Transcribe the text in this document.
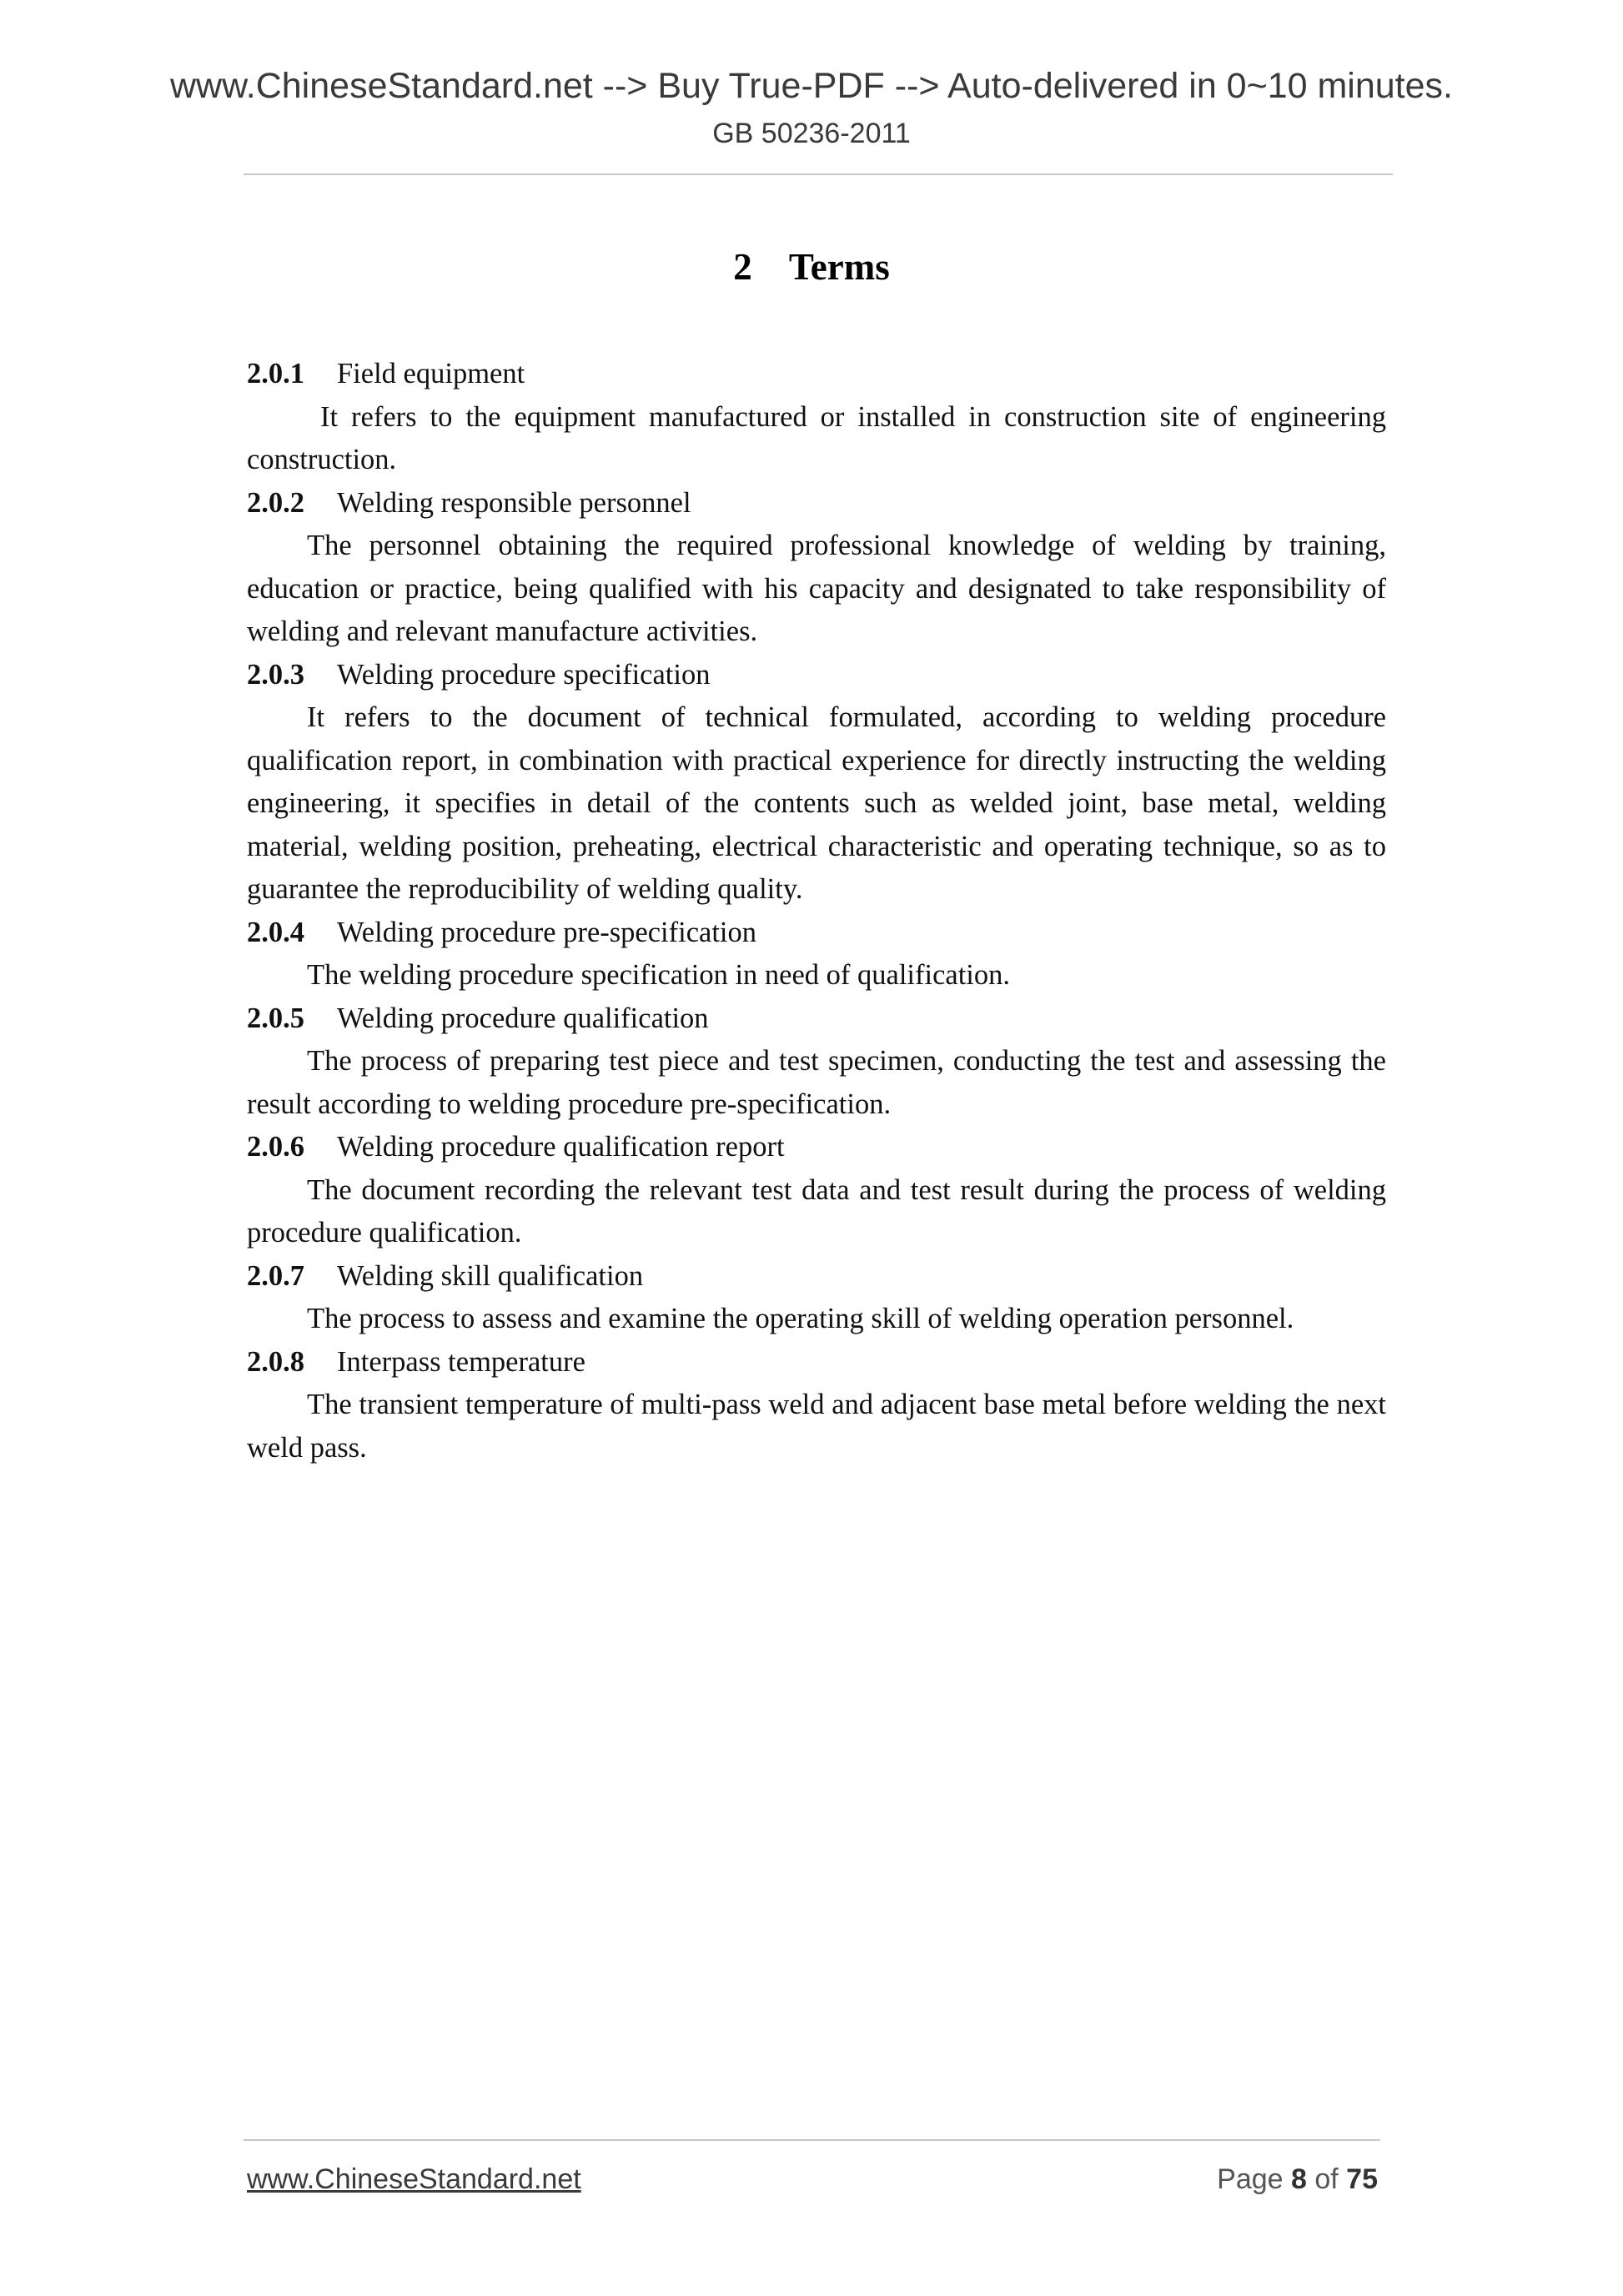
www.ChineseStandard.net --> Buy True-PDF --> Auto-delivered in 0~10 minutes.
GB 50236-2011
2    Terms

2.0.1 Field equipment

It refers to the equipment manufactured or installed in construction site of engineering construction.

2.0.2 Welding responsible personnel

The personnel obtaining the required professional knowledge of welding by training, education or practice, being qualified with his capacity and designated to take responsibility of welding and relevant manufacture activities.

2.0.3 Welding procedure specification

It refers to the document of technical formulated, according to welding procedure qualification report, in combination with practical experience for directly instructing the welding engineering, it specifies in detail of the contents such as welded joint, base metal, welding material, welding position, preheating, electrical characteristic and operating technique, so as to guarantee the reproducibility of welding quality.

2.0.4 Welding procedure pre-specification

The welding procedure specification in need of qualification.

2.0.5 Welding procedure qualification

The process of preparing test piece and test specimen, conducting the test and assessing the result according to welding procedure pre-specification.

2.0.6 Welding procedure qualification report

The document recording the relevant test data and test result during the process of welding procedure qualification.

2.0.7 Welding skill qualification

The process to assess and examine the operating skill of welding operation personnel.

2.0.8 Interpass temperature

The transient temperature of multi-pass weld and adjacent base metal before welding the next weld pass.

www.ChineseStandard.net	Page 8 of 75
